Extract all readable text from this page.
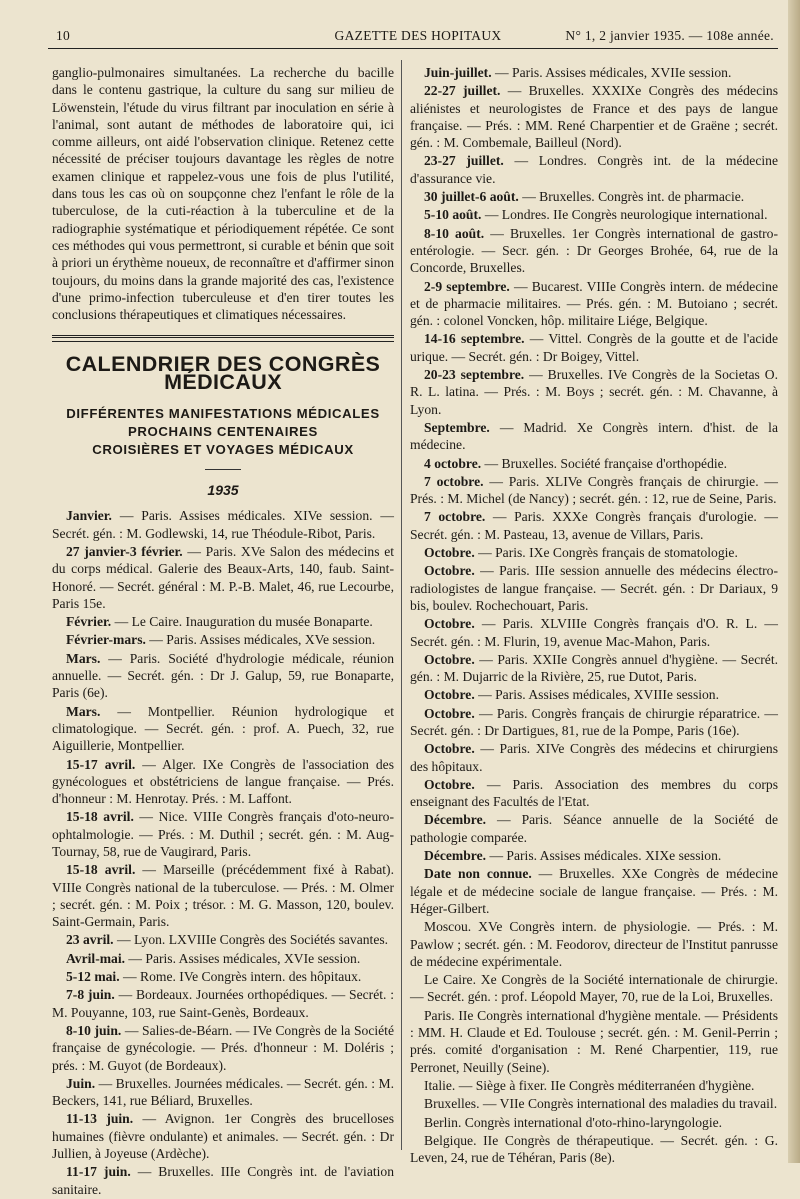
10	GAZETTE DES HOPITAUX	N° 1, 2 janvier 1935. — 108e année.

ganglio-pulmonaires simultanées. La recherche du bacille dans le contenu gastrique, la culture du sang sur milieu de Löwenstein, l'étude du virus filtrant par inoculation en série à l'animal, sont autant de méthodes de laboratoire qui, ici comme ailleurs, ont aidé l'observation clinique. Retenez cette nécessité de préciser toujours davantage les règles de notre examen clinique et rappelez-vous une fois de plus l'utilité, dans tous les cas où on soupçonne chez l'enfant le rôle de la tuberculose, de la cuti-réaction à la tuberculine et de la radiographie systématique et périodiquement répétée. Ce sont ces méthodes qui vous permettront, si curable et bénin que soit à priori un érythème noueux, de reconnaître et d'affirmer sinon toujours, du moins dans la grande majorité des cas, l'existence d'une primo-infection tuberculeuse et d'en tirer toutes les conclusions thérapeutiques et climatiques nécessaires.

CALENDRIER DES CONGRÈS MÉDICAUX
DIFFÉRENTES MANIFESTATIONS MÉDICALES
PROCHAINS CENTENAIRES
CROISIÈRES ET VOYAGES MÉDICAUX
1935

Janvier. — Paris. Assises médicales. XIVe session. — Secrét. gén. : M. Godlewski, 14, rue Théodule-Ribot, Paris.

27 janvier-3 février. — Paris. XVe Salon des médecins et du corps médical. Galerie des Beaux-Arts, 140, faub. Saint-Honoré. — Secrét. général : M. P.-B. Malet, 46, rue Lecourbe, Paris 15e.

Février. — Le Caire. Inauguration du musée Bonaparte.

Février-mars. — Paris. Assises médicales, XVe session.

Mars. — Paris. Société d'hydrologie médicale, réunion annuelle. — Secrét. gén. : Dr J. Galup, 59, rue Bonaparte, Paris (6e).

Mars. — Montpellier. Réunion hydrologique et climatologique. — Secrét. gén. : prof. A. Puech, 32, rue Aiguillerie, Montpellier.

15-17 avril. — Alger. IXe Congrès de l'association des gynécologues et obstétriciens de langue française. — Prés. d'honneur : M. Henrotay. Prés. : M. Laffont.

15-18 avril. — Nice. VIIIe Congrès français d'oto-neuro-ophtalmologie. — Prés. : M. Duthil ; secrét. gén. : M. Aug-Tournay, 58, rue de Vaugirard, Paris.

15-18 avril. — Marseille (précédemment fixé à Rabat). VIIIe Congrès national de la tuberculose. — Prés. : M. Olmer ; secrét. gén. : M. Poix ; trésor. : M. G. Masson, 120, boulev. Saint-Germain, Paris.

23 avril. — Lyon. LXVIIIe Congrès des Sociétés savantes.

Avril-mai. — Paris. Assises médicales, XVIe session.

5-12 mai. — Rome. IVe Congrès intern. des hôpitaux.

7-8 juin. — Bordeaux. Journées orthopédiques. — Secrét. : M. Pouyanne, 103, rue Saint-Genès, Bordeaux.

8-10 juin. — Salies-de-Béarn. — IVe Congrès de la Société française de gynécologie. — Prés. d'honneur : M. Doléris ; prés. : M. Guyot (de Bordeaux).

Juin. — Bruxelles. Journées médicales. — Secrét. gén. : M. Beckers, 141, rue Béliard, Bruxelles.

11-13 juin. — Avignon. 1er Congrès des brucelloses humaines (fièvre ondulante) et animales. — Secrét. gén. : Dr Jullien, à Joyeuse (Ardèche).

11-17 juin. — Bruxelles. IIIe Congrès int. de l'aviation sanitaire.

Juin-juillet. — Paris. Assises médicales, XVIIe session.

22-27 juillet. — Bruxelles. XXXIXe Congrès des médecins aliénistes et neurologistes de France et des pays de langue française. — Prés. : MM. René Charpentier et de Graëne ; secrét. gén. : M. Combemale, Bailleul (Nord).

23-27 juillet. — Londres. Congrès int. de la médecine d'assurance vie.

30 juillet-6 août. — Bruxelles. Congrès int. de pharmacie.

5-10 août. — Londres. IIe Congrès neurologique international.

8-10 août. — Bruxelles. 1er Congrès international de gastro-entérologie. — Secr. gén. : Dr Georges Brohée, 64, rue de la Concorde, Bruxelles.

2-9 septembre. — Bucarest. VIIIe Congrès intern. de médecine et de pharmacie militaires. — Prés. gén. : M. Butoiano ; secrét. gén. : colonel Voncken, hôp. militaire Liége, Belgique.

14-16 septembre. — Vittel. Congrès de la goutte et de l'acide urique. — Secrét. gén. : Dr Boigey, Vittel.

20-23 septembre. — Bruxelles. IVe Congrès de la Societas O. R. L. latina. — Prés. : M. Boys ; secrét. gén. : M. Chavanne, à Lyon.

Septembre. — Madrid. Xe Congrès intern. d'hist. de la médecine.

4 octobre. — Bruxelles. Société française d'orthopédie.

7 octobre. — Paris. XLIVe Congrès français de chirurgie. — Prés. : M. Michel (de Nancy) ; secrét. gén. : 12, rue de Seine, Paris.

7 octobre. — Paris. XXXe Congrès français d'urologie. — Secrét. gén. : M. Pasteau, 13, avenue de Villars, Paris.

Octobre. — Paris. IXe Congrès français de stomatologie.

Octobre. — Paris. IIIe session annuelle des médecins électro-radiologistes de langue française. — Secrét. gén. : Dr Dariaux, 9 bis, boulev. Rochechouart, Paris.

Octobre. — Paris. XLVIIIe Congrès français d'O. R. L. — Secrét. gén. : M. Flurin, 19, avenue Mac-Mahon, Paris.

Octobre. — Paris. XXIIe Congrès annuel d'hygiène. — Secrét. gén. : M. Dujarric de la Rivière, 25, rue Dutot, Paris.

Octobre. — Paris. Assises médicales, XVIIIe session.

Octobre. — Paris. Congrès français de chirurgie réparatrice. — Secrét. gén. : Dr Dartigues, 81, rue de la Pompe, Paris (16e).

Octobre. — Paris. XIVe Congrès des médecins et chirurgiens des hôpitaux.

Octobre. — Paris. Association des membres du corps enseignant des Facultés de l'Etat.

Décembre. — Paris. Séance annuelle de la Société de pathologie comparée.

Décembre. — Paris. Assises médicales. XIXe session.

Date non connue. — Bruxelles. XXe Congrès de médecine légale et de médecine sociale de langue française. — Prés. : M. Héger-Gilbert.

Moscou. XVe Congrès intern. de physiologie. — Prés. : M. Pawlow ; secrét. gén. : M. Feodorov, directeur de l'Institut panrusse de médecine expérimentale.

Le Caire. Xe Congrès de la Société internationale de chirurgie. — Secrét. gén. : prof. Léopold Mayer, 70, rue de la Loi, Bruxelles.

Paris. IIe Congrès international d'hygiène mentale. — Présidents : MM. H. Claude et Ed. Toulouse ; secrét. gén. : M. Genil-Perrin ; prés. comité d'organisation : M. René Charpentier, 119, rue Perronet, Neuilly (Seine).

Italie. — Siège à fixer. IIe Congrès méditerranéen d'hygiène.

Bruxelles. — VIIe Congrès international des maladies du travail.

Berlin. Congrès international d'oto-rhino-laryngologie.

Belgique. IIe Congrès de thérapeutique. — Secrét. gén. : G. Leven, 24, rue de Téhéran, Paris (8e).
